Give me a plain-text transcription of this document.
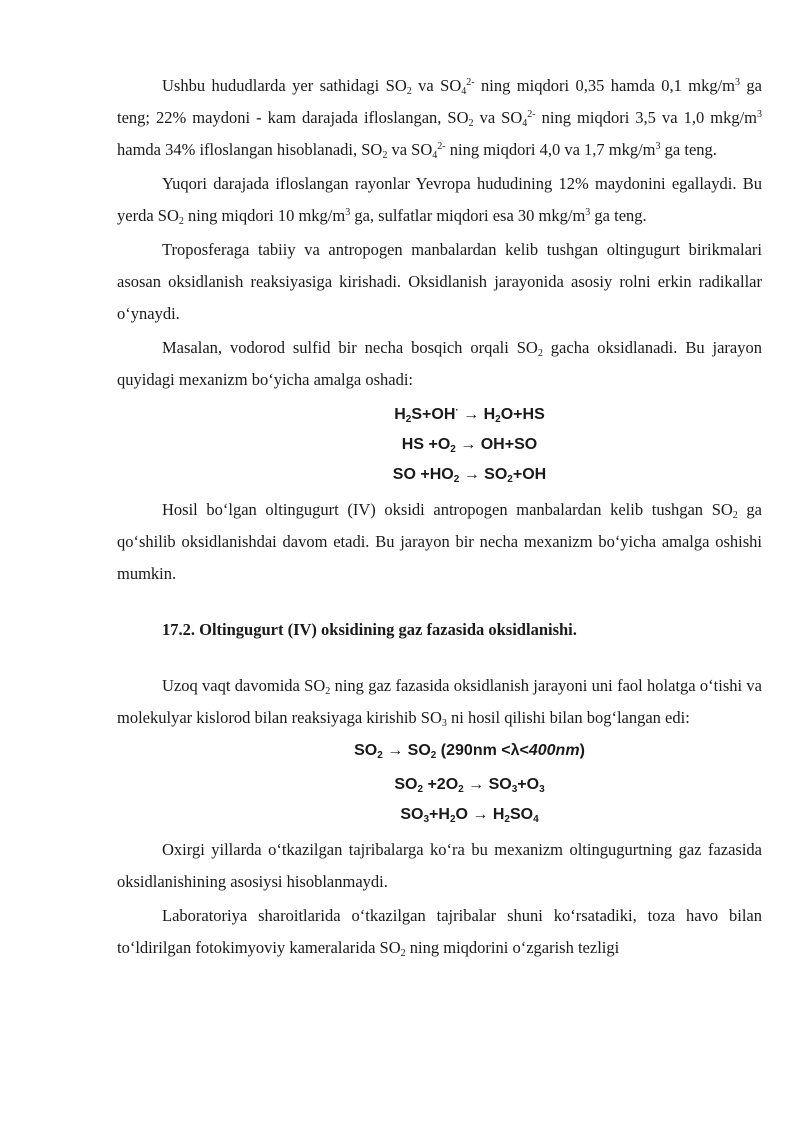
Ushbu hududlarda yer sathidagi $SO_2$ va $SO_4^{2-}$ ning miqdori 0,35 hamda 0,1 mkg/$m^3$ ga teng; 22% maydoni - kam darajada ifloslangan, $SO_2$ va $SO_4^{2-}$ ning miqdori 3,5 va 1,0 mkg/$m^3$ hamda 34% ifloslangan hisoblanadi, $SO_2$ va $SO_4^{2-}$ ning miqdori 4,0 va 1,7 mkg/$m^3$ ga teng.

Yuqori darajada ifloslangan rayonlar Yevropa hududining 12% maydonini egallaydi. Bu yerda $SO_2$ ning miqdori 10 mkg/$m^3$ ga, sulfatlar miqdori esa 30 mkg/$m^3$ ga teng.

Troposferaga tabiiy va antropogen manbalardan kelib tushgan oltingugurt birikmalari asosan oksidlanish reaksiyasiga kirishadi. Oksidlanish jarayonida asosiy rolni erkin radikallar o‘ynaydi.

Masalan, vodorod sulfid bir necha bosqich orqali $SO_2$ gacha oksidlanadi. Bu jarayon quyidagi mexanizm bo‘yicha amalga oshadi:

$H_2S+OH^\cdot \to H_2O+HS$

HS $+O_2 \to OH+SO$

SO $+HO_2 \to SO_2+OH$

Hosil bo‘lgan oltingugurt (IV) oksidi antropogen manbalardan kelib tushgan $SO_2$ ga qo‘shilib oksidlanishdai davom etadi. Bu jarayon bir necha mexanizm bo‘yicha amalga oshishi mumkin.

17.2. Oltingugurt (IV) oksidining gaz fazasida oksidlanishi.

Uzoq vaqt davomida $SO_2$ ning gaz fazasida oksidlanish jarayoni uni faol holatga o‘tishi va molekulyar kislorod bilan reaksiyaga kirishib $SO_3$ ni hosil qilishi bilan bog‘langan edi:

$SO_2 \to SO_2$ (290nm <λ<400nm)

$SO_2 +2O_2 \to SO_3+O_3$

$SO_3+H_2O \to H_2SO_4$

Oxirgi yillarda o‘tkazilgan tajribalarga ko‘ra bu mexanizm oltingugurtning gaz fazasida oksidlanishining asosiysi hisoblanmaydi.

Laboratoriya sharoitlarida o‘tkazilgan tajribalar shuni ko‘rsatadiki, toza havo bilan to‘ldirilgan fotokimyoviy kameralarida $SO_2$ ning miqdorini o‘zgarish tezligi
